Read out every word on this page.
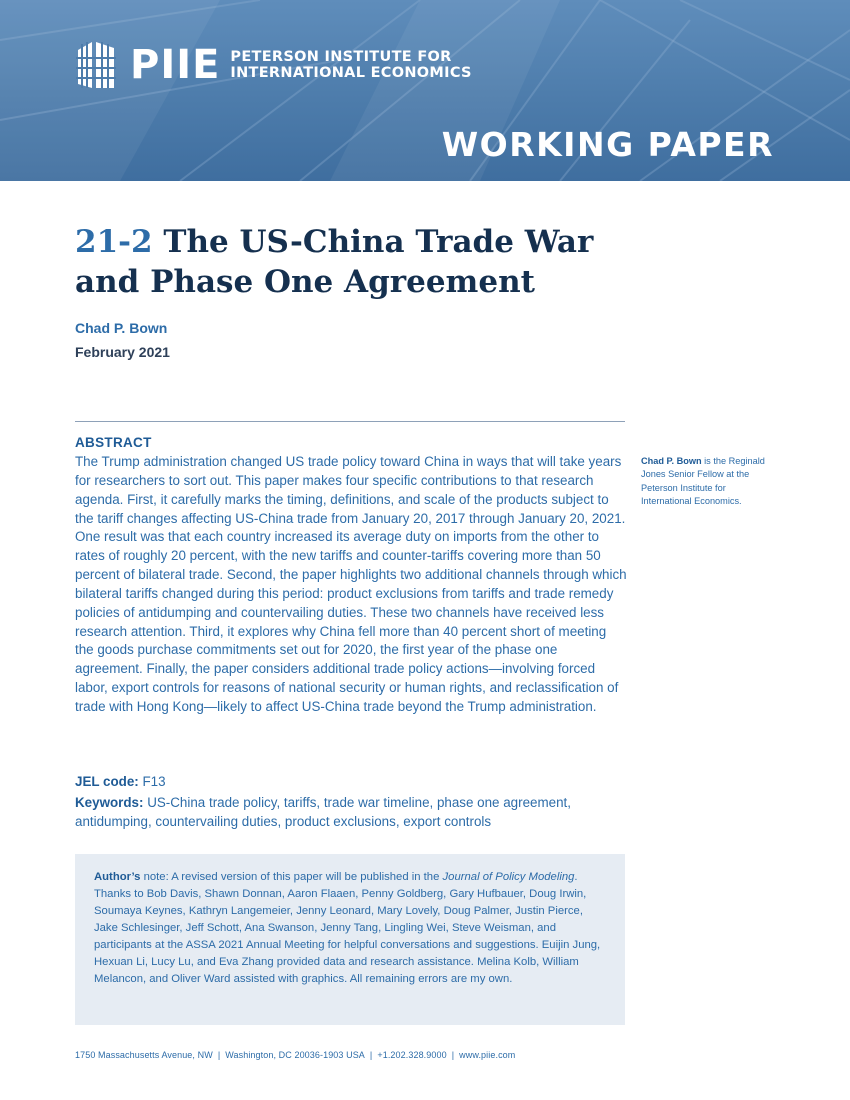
PIIE PETERSON INSTITUTE FOR
INTERNATIONAL ECONOMICS
WORKING PAPER
21-2 The US-China Trade War and Phase One Agreement
Chad P. Bown
February 2021
ABSTRACT

The Trump administration changed US trade policy toward China in ways that will take years for researchers to sort out. This paper makes four specific contributions to that research agenda. First, it carefully marks the timing, definitions, and scale of the products subject to the tariff changes affecting US-China trade from January 20, 2017 through January 20, 2021. One result was that each country increased its average duty on imports from the other to rates of roughly 20 percent, with the new tariffs and counter-tariffs covering more than 50 percent of bilateral trade. Second, the paper highlights two additional channels through which bilateral tariffs changed during this period: product exclusions from tariffs and trade remedy policies of antidumping and countervailing duties. These two channels have received less research attention. Third, it explores why China fell more than 40 percent short of meeting the goods purchase commitments set out for 2020, the first year of the phase one agreement. Finally, the paper considers additional trade policy actions—involving forced labor, export controls for reasons of national security or human rights, and reclassification of trade with Hong Kong—likely to affect US-China trade beyond the Trump administration.

JEL code: F13
Keywords: US-China trade policy, tariffs, trade war timeline, phase one agreement, antidumping, countervailing duties, product exclusions, export controls
Chad P. Bown is the Reginald Jones Senior Fellow at the Peterson Institute for International Economics.

Author’s note: A revised version of this paper will be published in the Journal of Policy Modeling. Thanks to Bob Davis, Shawn Donnan, Aaron Flaaen, Penny Goldberg, Gary Hufbauer, Doug Irwin, Soumaya Keynes, Kathryn Langemeier, Jenny Leonard, Mary Lovely, Doug Palmer, Justin Pierce, Jake Schlesinger, Jeff Schott, Ana Swanson, Jenny Tang, Lingling Wei, Steve Weisman, and participants at the ASSA 2021 Annual Meeting for helpful conversations and suggestions. Euijin Jung, Hexuan Li, Lucy Lu, and Eva Zhang provided data and research assistance. Melina Kolb, William Melancon, and Oliver Ward assisted with graphics. All remaining errors are my own.

1750 Massachusetts Avenue, NW | Washington, DC 20036-1903 USA | +1.202.328.9000 | www.piie.com
